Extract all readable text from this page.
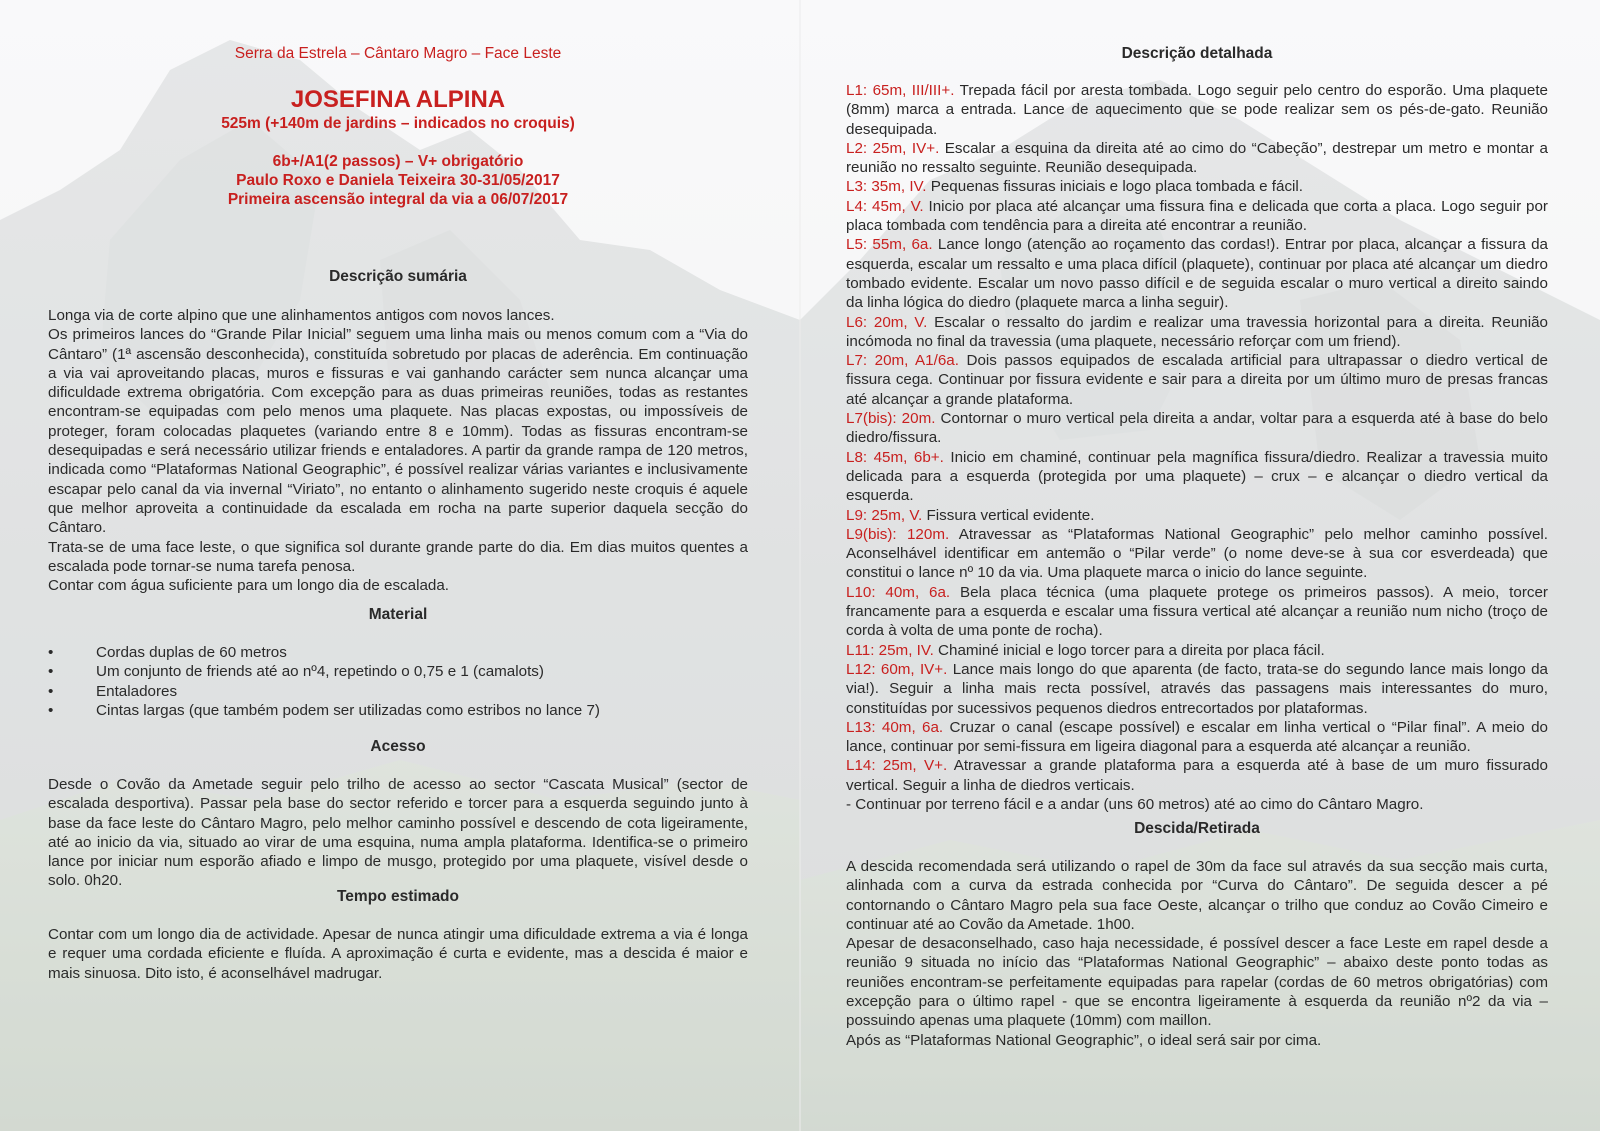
Serra da Estrela – Cântaro Magro – Face Leste
JOSEFINA ALPINA
525m (+140m de jardins – indicados no croquis)
6b+/A1(2 passos) – V+ obrigatório
Paulo Roxo e Daniela Teixeira 30-31/05/2017
Primeira ascensão integral da via a 06/07/2017
Descrição sumária

Longa via de corte alpino que une alinhamentos antigos com novos lances.

Os primeiros lances do “Grande Pilar Inicial” seguem uma linha mais ou menos comum com a “Via do Cântaro” (1ª ascensão desconhecida), constituída sobretudo por placas de aderência. Em continuação a via vai aproveitando placas, muros e fissuras e vai ganhando carácter sem nunca alcançar uma dificuldade extrema obrigatória. Com excepção para as duas primeiras reuniões, todas as restantes encontram-se equipadas com pelo menos uma plaquete. Nas placas expostas, ou impossíveis de proteger, foram colocadas plaquetes (variando entre 8 e 10mm). Todas as fissuras encontram-se desequipadas e será necessário utilizar friends e entaladores. A partir da grande rampa de 120 metros, indicada como “Plataformas National Geographic”, é possível realizar várias variantes e inclusivamente escapar pelo canal da via invernal “Viriato”, no entanto o alinhamento sugerido neste croquis é aquele que melhor aproveita a continuidade da escalada em rocha na parte superior daquela secção do Cântaro.

Trata-se de uma face leste, o que significa sol durante grande parte do dia. Em dias muitos quentes a escalada pode tornar-se numa tarefa penosa.

Contar com água suficiente para um longo dia de escalada.

Material
•	Cordas duplas de 60 metros
•	Um conjunto de friends até ao nº4, repetindo o 0,75 e 1 (camalots)
•	Entaladores
•	Cintas largas (que também podem ser utilizadas como estribos no lance 7)
Acesso

Desde o Covão da Ametade seguir pelo trilho de acesso ao sector “Cascata Musical” (sector de escalada desportiva). Passar pela base do sector referido e torcer para a esquerda seguindo junto à base da face leste do Cântaro Magro, pelo melhor caminho possível e descendo de cota ligeiramente, até ao inicio da via, situado ao virar de uma esquina, numa ampla plataforma. Identifica-se o primeiro lance por iniciar num esporão afiado e limpo de musgo, protegido por uma plaquete, visível desde o solo. 0h20.

Tempo estimado

Contar com um longo dia de actividade. Apesar de nunca atingir uma dificuldade extrema a via é longa e requer uma cordada eficiente e fluída. A aproximação é curta e evidente, mas a descida é maior e mais sinuosa. Dito isto, é aconselhável madrugar.

Descrição detalhada

L1: 65m, III/III+. Trepada fácil por aresta tombada. Logo seguir pelo centro do esporão. Uma plaquete (8mm) marca a entrada. Lance de aquecimento que se pode realizar sem os pés-de-gato. Reunião desequipada.

L2: 25m, IV+. Escalar a esquina da direita até ao cimo do “Cabeção”, destrepar um metro e montar a reunião no ressalto seguinte. Reunião desequipada.

L3: 35m, IV. Pequenas fissuras iniciais e logo placa tombada e fácil.

L4: 45m, V. Inicio por placa até alcançar uma fissura fina e delicada que corta a placa. Logo seguir por placa tombada com tendência para a direita até encontrar a reunião.

L5: 55m, 6a. Lance longo (atenção ao roçamento das cordas!). Entrar por placa, alcançar a fissura da esquerda, escalar um ressalto e uma placa difícil (plaquete), continuar por placa até alcançar um diedro tombado evidente. Escalar um novo passo difícil e de seguida escalar o muro vertical a direito saindo da linha lógica do diedro (plaquete marca a linha seguir).

L6: 20m, V. Escalar o ressalto do jardim e realizar uma travessia horizontal para a direita. Reunião incómoda no final da travessia (uma plaquete, necessário reforçar com um friend).

L7: 20m, A1/6a. Dois passos equipados de escalada artificial para ultrapassar o diedro vertical de fissura cega. Continuar por fissura evidente e sair para a direita por um último muro de presas francas até alcançar a grande plataforma.

L7(bis): 20m. Contornar o muro vertical pela direita a andar, voltar para a esquerda até à base do belo diedro/fissura.

L8: 45m, 6b+. Inicio em chaminé, continuar pela magnífica fissura/diedro. Realizar a travessia muito delicada para a esquerda (protegida por uma plaquete) – crux – e alcançar o diedro vertical da esquerda.

L9: 25m, V. Fissura vertical evidente.

L9(bis): 120m. Atravessar as “Plataformas National Geographic” pelo melhor caminho possível. Aconselhável identificar em antemão o “Pilar verde” (o nome deve-se à sua cor esverdeada) que constitui o lance nº 10 da via. Uma plaquete marca o inicio do lance seguinte.

L10: 40m, 6a. Bela placa técnica (uma plaquete protege os primeiros passos). A meio, torcer francamente para a esquerda e escalar uma fissura vertical até alcançar a reunião num nicho (troço de corda à volta de uma ponte de rocha).

L11: 25m, IV. Chaminé inicial e logo torcer para a direita por placa fácil.

L12: 60m, IV+. Lance mais longo do que aparenta (de facto, trata-se do segundo lance mais longo da via!). Seguir a linha mais recta possível, através das passagens mais interessantes do muro, constituídas por sucessivos pequenos diedros entrecortados por plataformas.

L13: 40m, 6a. Cruzar o canal (escape possível) e escalar em linha vertical o “Pilar final”. A meio do lance, continuar por semi-fissura em ligeira diagonal para a esquerda até alcançar a reunião.

L14: 25m, V+. Atravessar a grande plataforma para a esquerda até à base de um muro fissurado vertical. Seguir a linha de diedros verticais.

- Continuar por terreno fácil e a andar (uns 60 metros) até ao cimo do Cântaro Magro.

Descida/Retirada

A descida recomendada será utilizando o rapel de 30m da face sul através da sua secção mais curta, alinhada com a curva da estrada conhecida por “Curva do Cântaro”. De seguida descer a pé contornando o Cântaro Magro pela sua face Oeste, alcançar o trilho que conduz ao Covão Cimeiro e continuar até ao Covão da Ametade. 1h00.

Apesar de desaconselhado, caso haja necessidade, é possível descer a face Leste em rapel desde a reunião 9 situada no início das “Plataformas National Geographic” – abaixo deste ponto todas as reuniões encontram-se perfeitamente equipadas para rapelar (cordas de 60 metros obrigatórias) com excepção para o último rapel - que se encontra ligeiramente à esquerda da reunião nº2 da via – possuindo apenas uma plaquete (10mm) com maillon.

Após as “Plataformas National Geographic”, o ideal será sair por cima.
